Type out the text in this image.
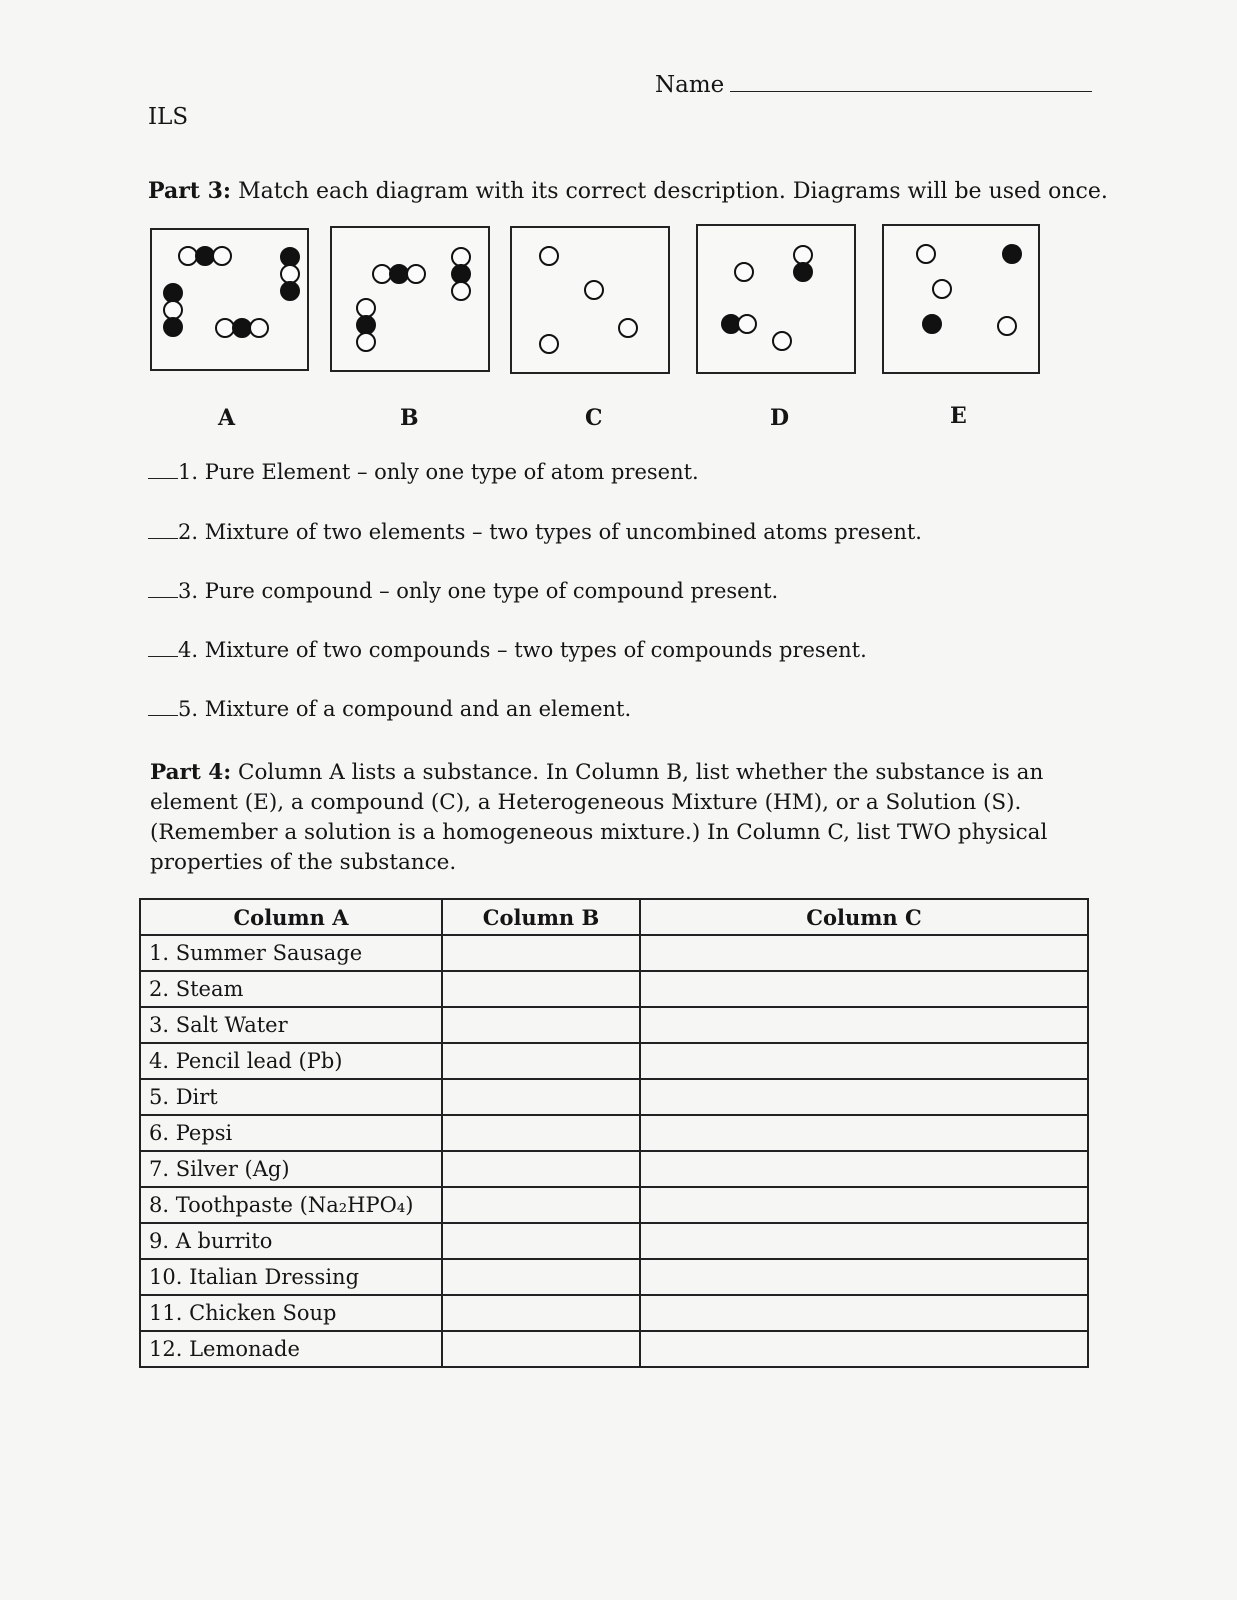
Name
ILS
Part 3: Match each diagram with its correct description. Diagrams will be used once.
A	B	C	D	E
1. Pure Element – only one type of atom present.
2. Mixture of two elements – two types of uncombined atoms present.
3. Pure compound – only one type of compound present.
4. Mixture of two compounds – two types of compounds present.
5. Mixture of a compound and an element.
Part 4: Column A lists a substance. In Column B, list whether the substance is an element (E), a compound (C), a Heterogeneous Mixture (HM), or a Solution (S). (Remember a solution is a homogeneous mixture.) In Column C, list TWO physical properties of the substance.
Column A	Column B	Column C
1. Summer Sausage		
2. Steam		
3. Salt Water		
4. Pencil lead (Pb)		
5. Dirt		
6. Pepsi		
7. Silver (Ag)		
8. Toothpaste (Na₂HPO₄)		
9. A burrito		
10. Italian Dressing		
11. Chicken Soup		
12. Lemonade		
